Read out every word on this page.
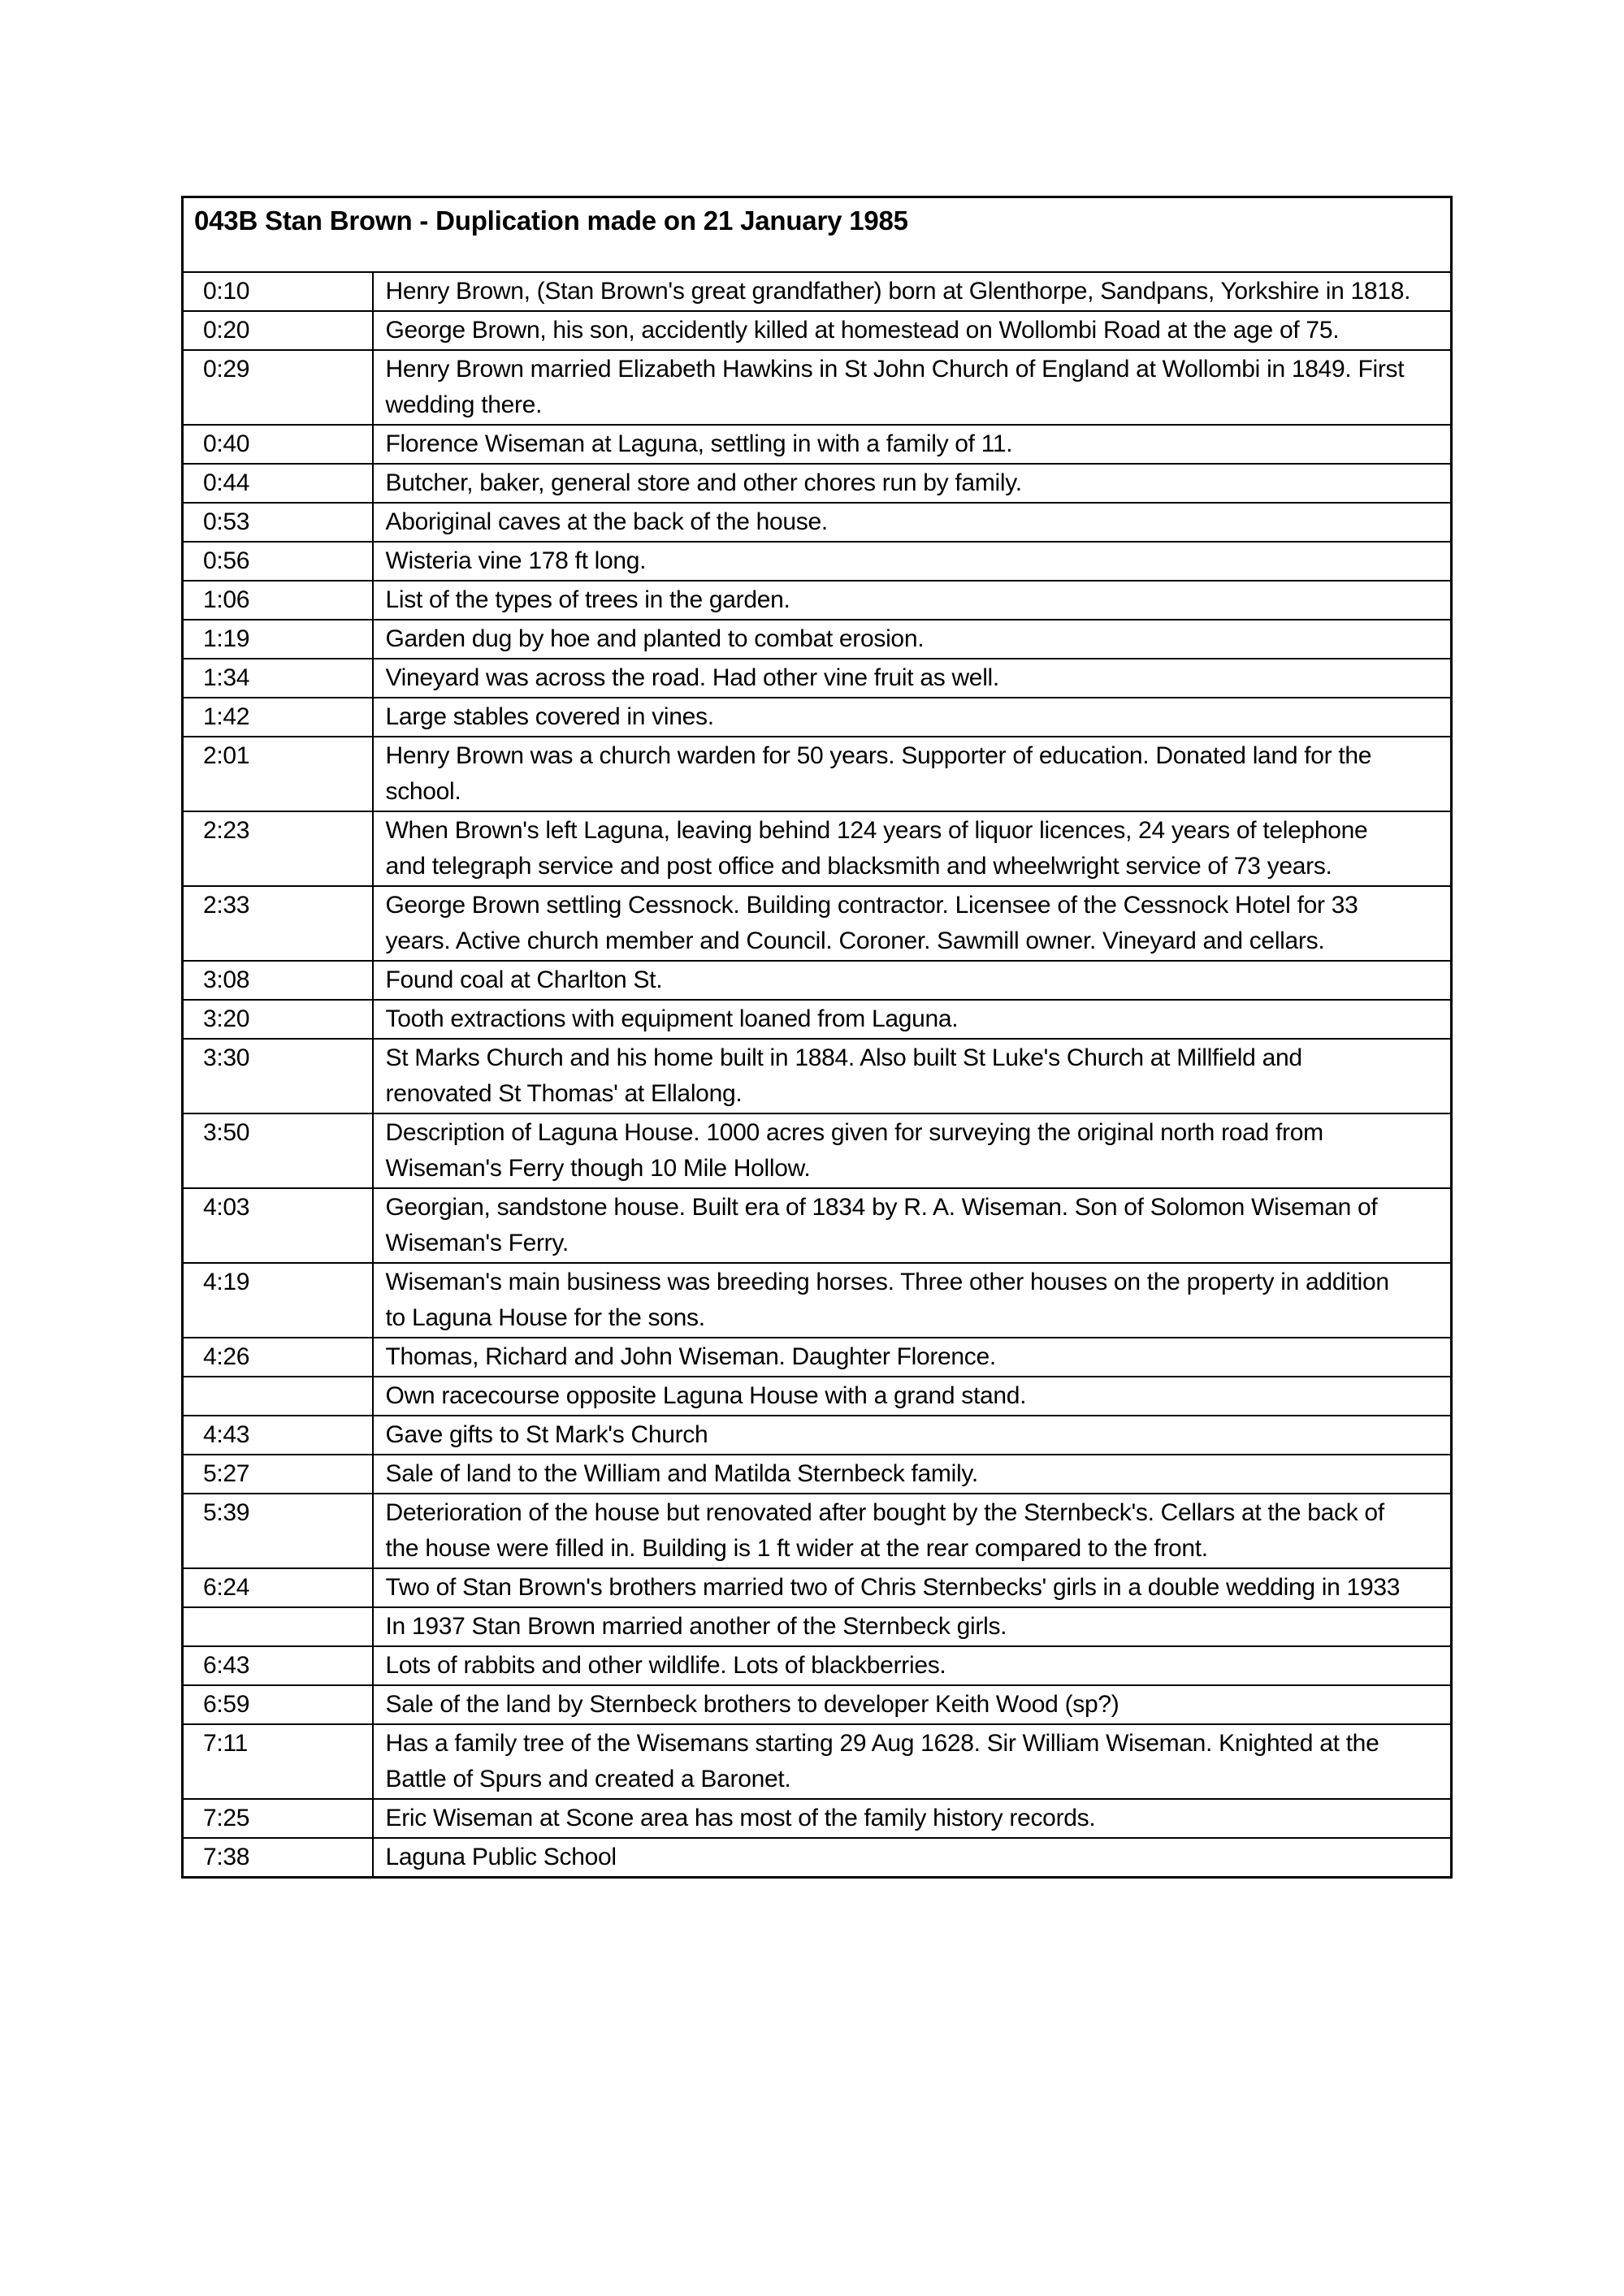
043B Stan Brown - Duplication made on 21 January 1985	
0:10	Henry Brown, (Stan Brown's great grandfather) born at Glenthorpe, Sandpans, Yorkshire in 1818.
0:20	George Brown, his son, accidently killed at homestead on Wollombi Road at the age of 75.
0:29	Henry Brown married Elizabeth Hawkins in St John Church of England at Wollombi in 1849. First wedding there.
0:40	Florence Wiseman at Laguna, settling in with a family of 11.
0:44	Butcher, baker, general store and other chores run by family.
0:53	Aboriginal caves at the back of the house.
0:56	Wisteria vine 178 ft long.
1:06	List of the types of trees in the garden.
1:19	Garden dug by hoe and planted to combat erosion.
1:34	Vineyard was across the road. Had other vine fruit as well.
1:42	Large stables covered in vines.
2:01	Henry Brown was a church warden for 50 years. Supporter of education. Donated land for the school.
2:23	When Brown's left Laguna, leaving behind 124 years of liquor licences, 24 years of telephone and telegraph service and post office and blacksmith and wheelwright service of 73 years.
2:33	George Brown settling Cessnock. Building contractor. Licensee of the Cessnock Hotel for 33 years. Active church member and Council. Coroner. Sawmill owner. Vineyard and cellars.
3:08	Found coal at Charlton St.
3:20	Tooth extractions with equipment loaned from Laguna.
3:30	St Marks Church and his home built in 1884. Also built St Luke's Church at Millfield and renovated St Thomas' at Ellalong.
3:50	Description of Laguna House. 1000 acres given for surveying the original north road from Wiseman's Ferry though 10 Mile Hollow.
4:03	Georgian, sandstone house. Built era of 1834 by R. A. Wiseman. Son of Solomon Wiseman of Wiseman's Ferry.
4:19	Wiseman's main business was breeding horses. Three other houses on the property in addition to Laguna House for the sons.
4:26	Thomas, Richard and John Wiseman. Daughter Florence.
	Own racecourse opposite Laguna House with a grand stand.
4:43	Gave gifts to St Mark's Church
5:27	Sale of land to the William and Matilda Sternbeck family.
5:39	Deterioration of the house but renovated after bought by the Sternbeck's. Cellars at the back of the house were filled in. Building is 1 ft wider at the rear compared to the front.
6:24	Two of Stan Brown's brothers married two of Chris Sternbecks' girls in a double wedding in 1933
	In 1937 Stan Brown married another of the Sternbeck girls.
6:43	Lots of rabbits and other wildlife. Lots of blackberries.
6:59	Sale of the land by Sternbeck brothers to developer Keith Wood (sp?)
7:11	Has a family tree of the Wisemans starting 29 Aug 1628. Sir William Wiseman. Knighted at the Battle of Spurs and created a Baronet.
7:25	Eric Wiseman at Scone area has most of the family history records.
7:38	Laguna Public School
